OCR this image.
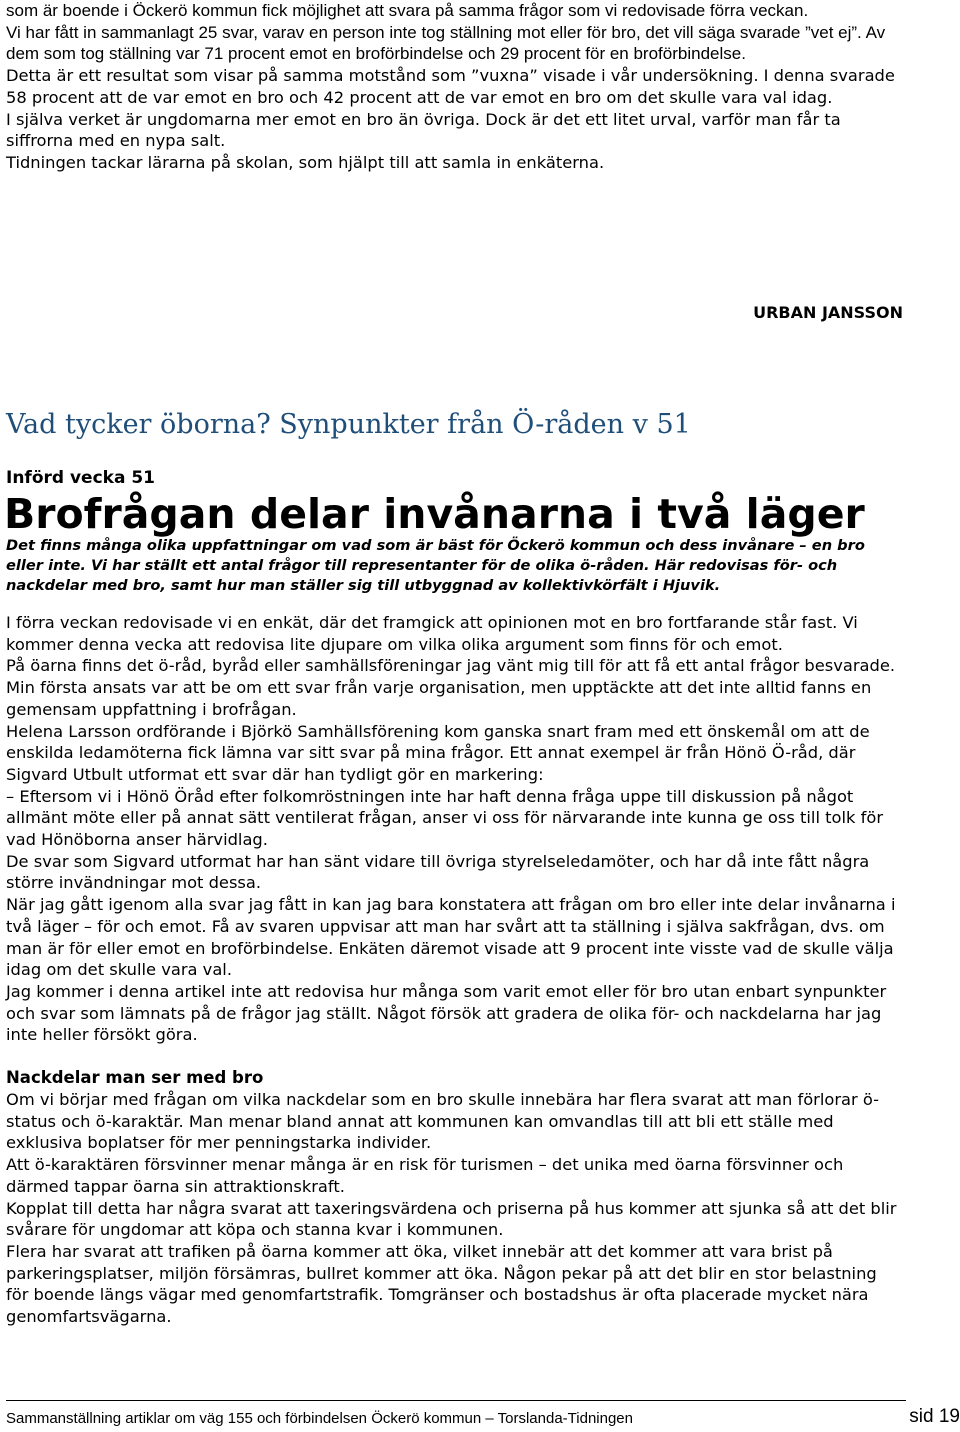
som är boende i Öckerö kommun fick möjlighet att svara på samma frågor som vi redovisade förra veckan.

Vi har fått in sammanlagt 25 svar, varav en person inte tog ställning mot eller för bro, det vill säga svarade ”vet ej”. Av dem som tog ställning var 71 procent emot en broförbindelse och 29 procent för en broförbindelse.

Detta är ett resultat som visar på samma motstånd som ”vuxna” visade i vår undersökning. I denna svarade 58 procent att de var emot en bro och 42 procent att de var emot en bro om det skulle vara val idag.

I själva verket är ungdomarna mer emot en bro än övriga. Dock är det ett litet urval, varför man får ta siffrorna med en nypa salt.

Tidningen tackar lärarna på skolan, som hjälpt till att samla in enkäterna.

URBAN JANSSON
Vad tycker öborna? Synpunkter från Ö-råden v 51
Införd vecka 51
Brofrågan delar invånarna i två läger

Det finns många olika uppfattningar om vad som är bäst för Öckerö kommun och dess invånare – en bro eller inte. Vi har ställt ett antal frågor till representanter för de olika ö-råden. Här redovisas för- och nackdelar med bro, samt hur man ställer sig till utbyggnad av kollektivkörfält i Hjuvik.

I förra veckan redovisade vi en enkät, där det framgick att opinionen mot en bro fortfarande står fast. Vi kommer denna vecka att redovisa lite djupare om vilka olika argument som finns för och emot.

På öarna finns det ö-råd, byråd eller samhällsföreningar jag vänt mig till för att få ett antal frågor besvarade. Min första ansats var att be om ett svar från varje organisation, men upptäckte att det inte alltid fanns en gemensam uppfattning i brofrågan.

Helena Larsson ordförande i Björkö Samhällsförening kom ganska snart fram med ett önskemål om att de enskilda ledamöterna fick lämna var sitt svar på mina frågor. Ett annat exempel är från Hönö Ö-råd, där Sigvard Utbult utformat ett svar där han tydligt gör en markering:

– Eftersom vi i Hönö Öråd efter folkomröstningen inte har haft denna fråga uppe till diskussion på något allmänt möte eller på annat sätt ventilerat frågan, anser vi oss för närvarande inte kunna ge oss till tolk för vad Hönöborna anser härvidlag.

De svar som Sigvard utformat har han sänt vidare till övriga styrelseledamöter, och har då inte fått några större invändningar mot dessa.

När jag gått igenom alla svar jag fått in kan jag bara konstatera att frågan om bro eller inte delar invånarna i två läger – för och emot. Få av svaren uppvisar att man har svårt att ta ställning i själva sakfrågan, dvs. om man är för eller emot en broförbindelse. Enkäten däremot visade att 9 procent inte visste vad de skulle välja idag om det skulle vara val.

Jag kommer i denna artikel inte att redovisa hur många som varit emot eller för bro utan enbart synpunkter och svar som lämnats på de frågor jag ställt. Något försök att gradera de olika för- och nackdelarna har jag inte heller försökt göra.

Nackdelar man ser med bro

Om vi börjar med frågan om vilka nackdelar som en bro skulle innebära har flera svarat att man förlorar ö-status och ö-karaktär. Man menar bland annat att kommunen kan omvandlas till att bli ett ställe med exklusiva boplatser för mer penningstarka individer.

Att ö-karaktären försvinner menar många är en risk för turismen – det unika med öarna försvinner och därmed tappar öarna sin attraktionskraft.

Kopplat till detta har några svarat att taxeringsvärdena och priserna på hus kommer att sjunka så att det blir svårare för ungdomar att köpa och stanna kvar i kommunen.

Flera har svarat att trafiken på öarna kommer att öka, vilket innebär att det kommer att vara brist på parkeringsplatser, miljön försämras, bullret kommer att öka. Någon pekar på att det blir en stor belastning för boende längs vägar med genomfartstrafik. Tomgränser och bostadshus är ofta placerade mycket nära genomfartsvägarna.

Sammanställning artiklar om väg 155 och förbindelsen Öckerö kommun – Torslanda-Tidningen	sid 19
